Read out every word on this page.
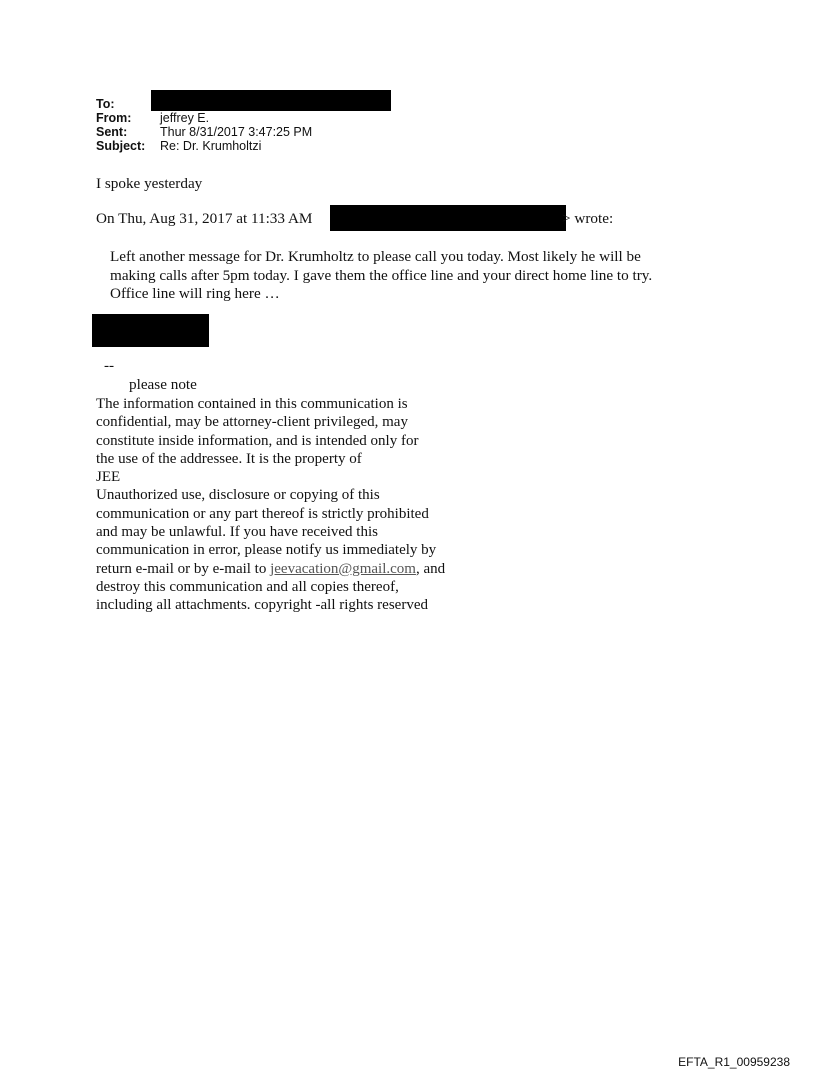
To:
From:	jeffrey E.
Sent:	Thur 8/31/2017 3:47:25 PM
Subject:	Re: Dr. Krumholtzi
I spoke yesterday
On Thu, Aug 31, 2017 at 11:33 AM	> wrote:
Left another message for Dr. Krumholtz to please call you today. Most likely he will be
making calls after 5pm today. I gave them the office line and your direct home line to try.
Office line will ring here …
--
please note
The information contained in this communication is
confidential, may be attorney-client privileged, may
constitute inside information, and is intended only for
the use of the addressee. It is the property of
JEE
Unauthorized use, disclosure or copying of this
communication or any part thereof is strictly prohibited
and may be unlawful. If you have received this
communication in error, please notify us immediately by
return e-mail or by e-mail to jeevacation@gmail.com, and
destroy this communication and all copies thereof,
including all attachments. copyright -all rights reserved
EFTA_R1_00959238
